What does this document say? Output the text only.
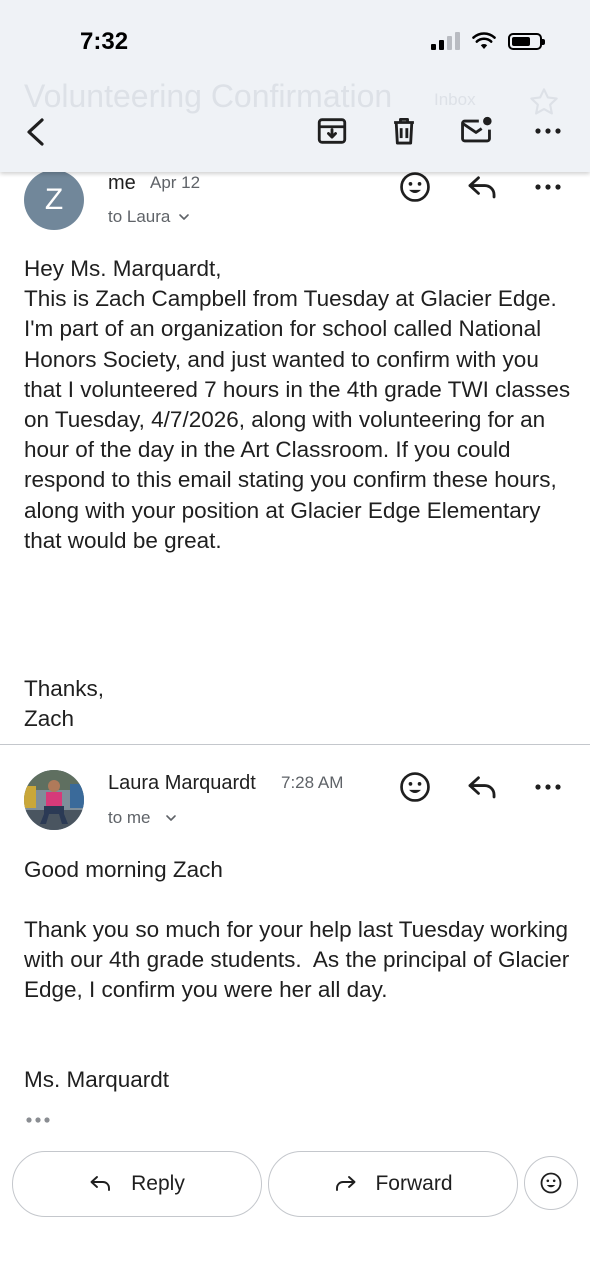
7:32
Volunteering Confirmation Inbox
Z	me Apr 12
to Laura
Hey Ms. Marquardt,
This is Zach Campbell from Tuesday at Glacier Edge. I'm part of an organization for school called National Honors Society, and just wanted to confirm with you that I volunteered 7 hours in the 4th grade TWI classes on Tuesday, 4/7/2026, along with volunteering for an hour of the day in the Art Classroom. If you could respond to this email stating you confirm these hours, along with your position at Glacier Edge Elementary that would be great.
Thanks,
Zach
Laura Marquardt 7:28 AM
to me
Good morning Zach
Thank you so much for your help last Tuesday working with our 4th grade students.  As the principal of Glacier Edge, I confirm you were her all day.
Ms. Marquardt
Reply	Forward
